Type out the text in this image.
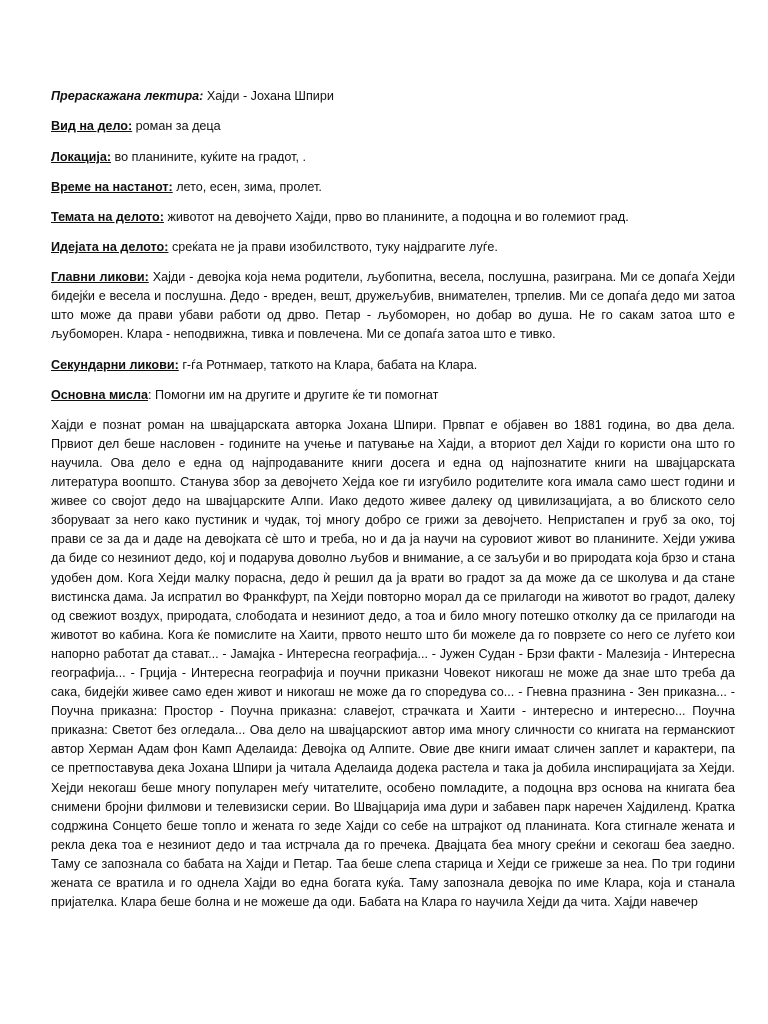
Прераскажана лектира: Хајди - Јохана Шпири
Вид на дело: роман за деца
Локација: во планините, куќите на градот, .
Време на настанот: лето, есен, зима, пролет.
Темата на делото: животот на девојчето Хајди, прво во планините, а подоцна и во големиот град.
Идејата на делото: среќата не ја прави изобилството, туку најдрагите луѓе.

Главни ликови: Хајди - девојка која нема родители, љубопитна, весела, послушна, разиграна. Ми се допаѓа Хејди бидејќи е весела и послушна. Дедо - вреден, вешт, дружељубив, внимателен, трпелив. Ми се допаѓа дедо ми затоа што може да прави убави работи од дрво. Петар - љубоморен, но добар во душа. Не го сакам затоа што е љубоморен. Клара - неподвижна, тивка и повлечена. Ми се допаѓа затоа што е тивко.

Секундарни ликови: г-ѓа Ротнмаер, таткото на Клара, бабата на Клара.
Основна мисла: Помогни им на другите и другите ќе ти помогнат

Хајди е познат роман на швајцарската авторка Јохана Шпири. Првпат е објавен во 1881 година, во два дела. Првиот дел беше насловен - годините на учење и патување на Хајди, а вториот дел Хајди го користи она што го научила. Ова дело е една од најпродаваните книги досега и една од најпознатите книги на швајцарската литература воопшто. Станува збор за девојчето Хејда кое ги изгубило родителите кога имала само шест години и живее со својот дедо на швајцарските Алпи. Иако дедото живее далеку од цивилизацијата, а во блиското село зборуваат за него како пустиник и чудак, тој многу добро се грижи за девојчето. Непристапен и груб за око, тој прави се за да и даде на девојката сè што и треба, но и да ја научи на суровиот живот во планините. Хејди ужива да биде со незиниот дедо, кој и подарува доволно љубов и внимание, а се заљуби и во природата која брзо и стана удобен дом. Кога Хејди малку порасна, дедо ѝ решил да ја врати во градот за да може да се школува и да стане вистинска дама. Ја испратил во Франкфурт, па Хејди повторно морал да се прилагоди на животот во градот, далеку од свежиот воздух, природата, слободата и незиниот дедо, а тоа и било многу потешко отколку да се прилагоди на животот во кабина. Кога ќе помислите на Хаити, првото нешто што би можеле да го поврзете со него се луѓето кои напорно работат да стават... - Јамајка - Интересна географија... - Јужен Судан - Брзи факти - Малезија - Интересна географија... - Грција - Интересна географија и поучни приказни Човекот никогаш не може да знае што треба да сака, бидејќи живее само еден живот и никогаш не може да го споредува со... - Гневна празнина - Зен приказна... - Поучна приказна: Простор - Поучна приказна: славејот, страчката и Хаити - интересно и интересно... Поучна приказна: Светот без огледала... Ова дело на швајцарскиот автор има многу сличности со книгата на германскиот автор Херман Адам фон Камп Аделаида: Девојка од Алпите. Овие две книги имаат сличен заплет и карактери, па се претпоставува дека Јохана Шпири ја читала Аделаида додека растела и така ја добила инспирацијата за Хејди. Хејди некогаш беше многу популарен меѓу читателите, особено помладите, а подоцна врз основа на книгата беа снимени бројни филмови и телевизиски серии. Во Швајцарија има дури и забавен парк наречен Хајдиленд. Кратка содржина Сонцето беше топло и жената го зеде Хајди со себе на штрајкот од планината. Кога стигнале жената и рекла дека тоа е незиниот дедо и таа истрчала да го пречека. Двајцата беа многу среќни и секогаш беа заедно. Таму се запознала со бабата на Хајди и Петар. Таа беше слепа старица и Хејди се грижеше за неа. По три години жената се вратила и го однела Хајди во една богата куќа. Таму запознала девојка по име Клара, која и станала пријателка. Клара беше болна и не можеше да оди. Бабата на Клара го научила Хејди да чита. Хајди навечер
